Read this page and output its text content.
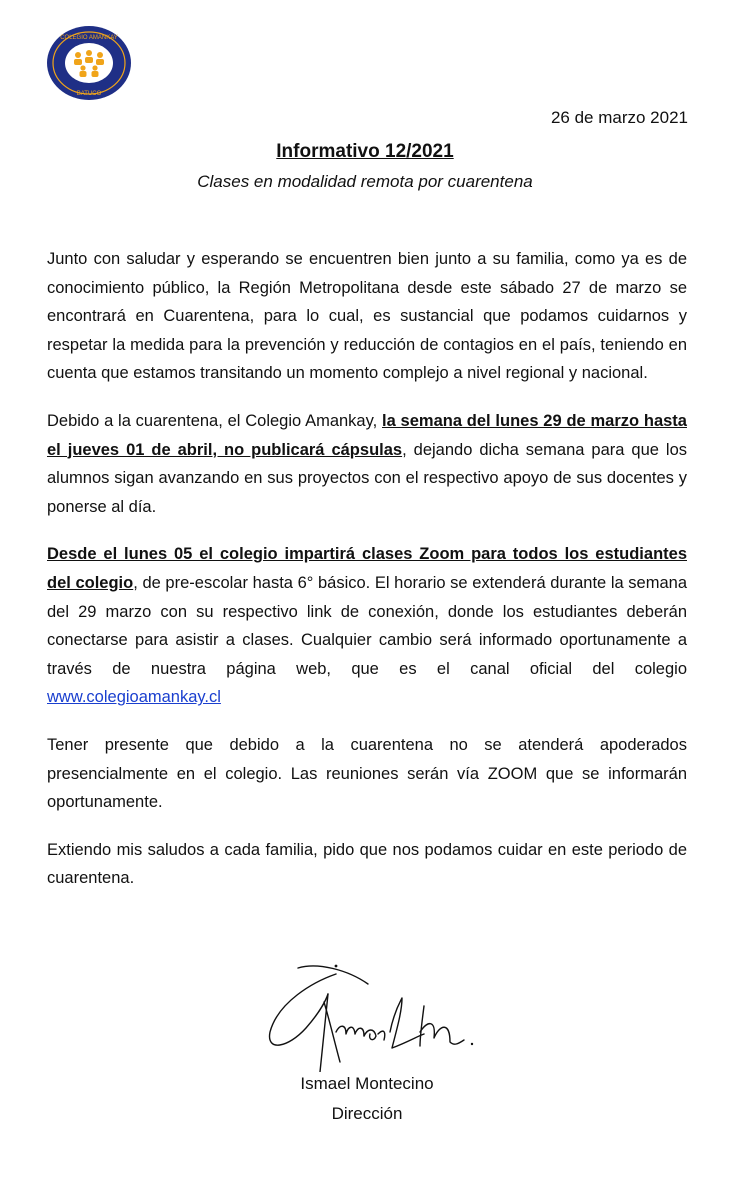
COLEGIO AMANKAY
BATUCO
26 de marzo 2021
Informativo 12/2021
Clases en modalidad remota por cuarentena

Junto con saludar y esperando se encuentren bien junto a su familia, como ya es de conocimiento público, la Región Metropolitana desde este sábado 27 de marzo se encontrará en Cuarentena, para lo cual, es sustancial que podamos cuidarnos y respetar la medida para la prevención y reducción de contagios en el país, teniendo en cuenta que estamos transitando un momento complejo a nivel regional y nacional.

Debido a la cuarentena, el Colegio Amankay, la semana del lunes 29 de marzo hasta el jueves 01 de abril, no publicará cápsulas, dejando dicha semana para que los alumnos sigan avanzando en sus proyectos con el respectivo apoyo de sus docentes y ponerse al día.

Desde el lunes 05 el colegio impartirá clases Zoom para todos los estudiantes del colegio, de pre-escolar hasta 6° básico. El horario se extenderá durante la semana del 29 marzo con su respectivo link de conexión, donde los estudiantes deberán conectarse para asistir a clases. Cualquier cambio será informado oportunamente a través de nuestra página web, que es el canal oficial del colegio www.colegioamankay.cl

Tener presente que debido a la cuarentena no se atenderá apoderados presencialmente en el colegio. Las reuniones serán vía ZOOM que se informarán oportunamente.

Extiendo mis saludos a cada familia, pido que nos podamos cuidar en este periodo de cuarentena.

Ismael Montecino
Dirección
